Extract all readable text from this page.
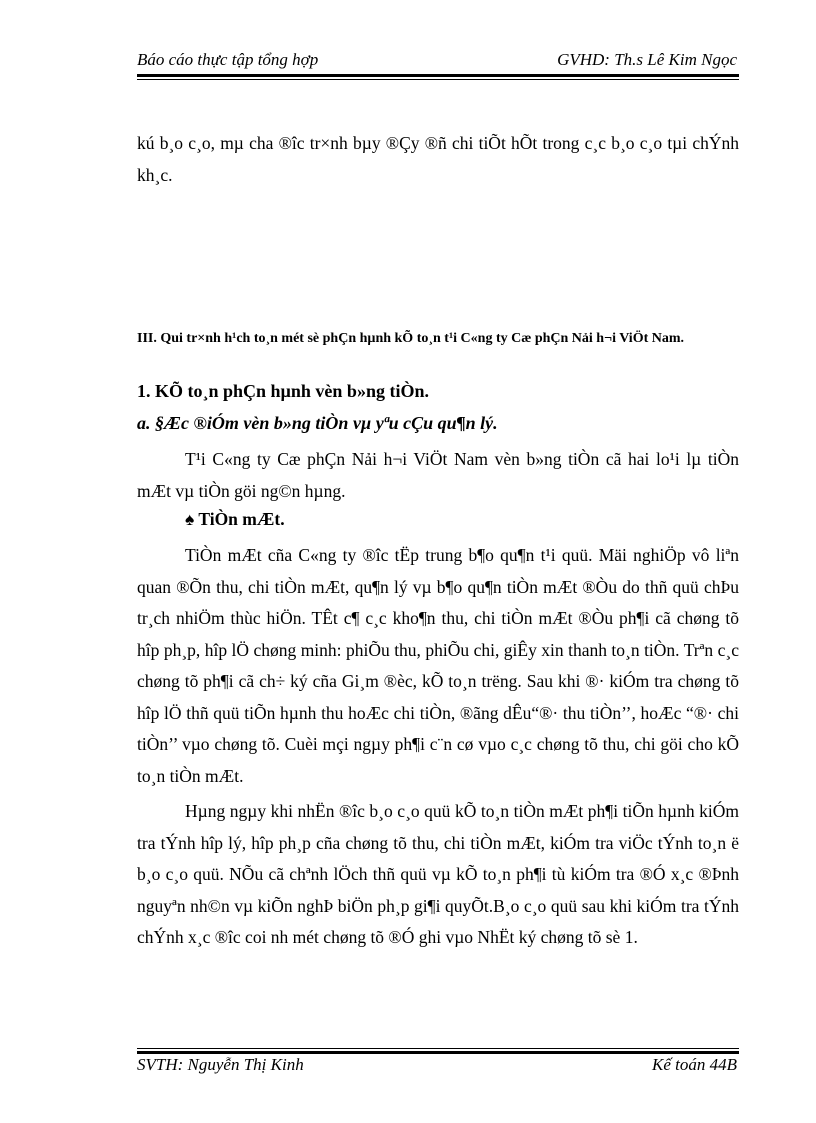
Báo cáo thực tập tổng hợp	GVHD: Th.s Lê Kim Ngọc
kú b¸o c¸o, mµ cha ®îc tr×nh bµy ®Çy ®ñ chi tiÕt hÕt trong c¸c b¸o c¸o tµi chÝnh kh¸c.
III. Qui tr×nh h¹ch to¸n mét sè phÇn hµnh kÕ to¸n t¹i C«ng ty Cæ phÇn Nải h¬i ViÖt Nam.
1. KÕ to¸n phÇn hµnh vèn b»ng tiÒn.
a. §Æc ®iÓm vèn b»ng tiÒn vµ yªu cÇu qu¶n lý.
T¹i C«ng ty Cæ phÇn Nải h¬i ViÖt Nam vèn b»ng tiÒn cã hai lo¹i lµ tiÒn mÆt vµ tiÒn göi ng©n hµng.
♠ TiÒn mÆt.
TiÒn mÆt cña C«ng ty ®îc tËp trung b¶o qu¶n t¹i quü. Mäi nghiÖp vô liªn quan ®Õn thu, chi tiÒn mÆt, qu¶n lý vµ b¶o qu¶n tiÒn mÆt ®Òu do thñ quü chÞu tr¸ch nhiÖm thùc hiÖn. TÊt c¶ c¸c kho¶n thu, chi tiÒn mÆt ®Òu ph¶i cã chøng tõ hîp ph¸p, hîp lÖ chøng minh: phiÕu thu, phiÕu chi, giÊy xin thanh to¸n tiÒn. Trªn c¸c chøng tõ ph¶i cã ch÷ ký cña Gi¸m ®èc, kÕ to¸n trëng. Sau khi ®· kiÓm tra chøng tõ hîp lÖ thñ quü tiÕn hµnh thu hoÆc chi tiÒn, ®ãng dÊu“®· thu tiÒn’’, hoÆc “®· chi tiÒn’’ vµo chøng tõ. Cuèi mçi ngµy ph¶i c¨n cø vµo c¸c chøng tõ thu, chi göi cho kÕ to¸n tiÒn mÆt.
Hµng ngµy khi nhËn ®îc b¸o c¸o quü kÕ to¸n tiÒn mÆt ph¶i tiÕn hµnh kiÓm tra tÝnh hîp lý, hîp ph¸p cña chøng tõ thu, chi tiÒn mÆt, kiÓm tra viÖc tÝnh to¸n ë b¸o c¸o quü. NÕu cã chªnh lÖch thñ quü vµ kÕ to¸n ph¶i tù kiÓm tra ®Ó x¸c ®Þnh nguyªn nh©n vµ kiÕn nghÞ biÖn ph¸p gi¶i quyÕt.B¸o c¸o quü sau khi kiÓm tra tÝnh chÝnh x¸c ®îc coi nh mét chøng tõ ®Ó ghi vµo NhËt ký chøng tõ sè 1.
SVTH: Nguyễn Thị Kinh	Kế toán 44B
